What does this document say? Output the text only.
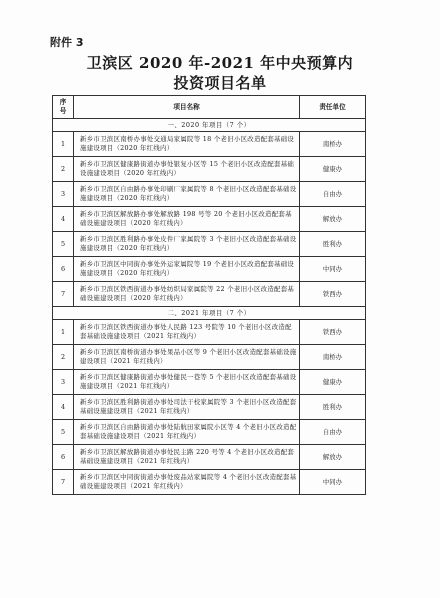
附件 3
卫滨区 2020 年-2021 年中央预算内
投资项目名单
序
号	项目名称	责任单位
一、2020 年项目（7 个）		
1	新乡市卫滨区南桥办事处交通局家属院等 18 个老旧小区改造配套基础设施建设项目（2020 年红线内）	南桥办
2	新乡市卫滨区健康路街道办事处银复小区等 15 个老旧小区改造配套基础设施建设项目（2020 年红线内）	健康办
3	新乡市卫滨区自由路办事处印刷厂家属院等 8 个老旧小区改造配套基础设施建设项目（2020 年红线内）	自由办
4	新乡市卫滨区解放路办事处解放路 198 号等 20 个老旧小区改造配套基础设施建设项目（2020 年红线内）	解放办
5	新乡市卫滨区胜利路办事处皮件厂家属院等 3 个老旧小区改造配套基础设施建设项目（2020 年红线内）	胜利办
6	新乡市卫滨区中同街办事处外运家属院等 19 个老旧小区改造配套基础设施建设项目（2020 年红线内）	中同办
7	新乡市卫滨区铁西街道办事处纺织局家属院等 22 个老旧小区改造配套基础设施建设项目（2020 年红线内）	铁西办
二、2021 年项目（7 个）		
1	新乡市卫滨区铁西街道办事处人民路 123 号院等 10 个老旧小区改造配套基础设施建设项目（2021 年红线内）	铁西办
2	新乡市卫滨区南桥街道办事处果品小区等 9 个老旧小区改造配套基础设施建设项目（2021 年红线内）	南桥办
3	新乡市卫滨区健康路街道办事处健民一巷等 5 个老旧小区改造配套基础设施建设项目（2021 年红线内）	健康办
4	新乡市卫滨区胜利路街道办事处司法干校家属院等 3 个老旧小区改造配套基础设施建设项目（2021 年红线内）	胜利办
5	新乡市卫滨区自由路街道办事处陆航田家属院小区等 4 个老旧小区改造配套基础设施建设项目（2021 年红线内）	自由办
6	新乡市卫滨区解放路街道办事处民主路 220 号等 4 个老旧小区改造配套基础设施建设项目（2021 年红线内）	解放办
7	新乡市卫滨区中同街街道办事处废品站家属院等 4 个老旧小区改造配套基础设施建设项目（2021 年红线内）	中同办
